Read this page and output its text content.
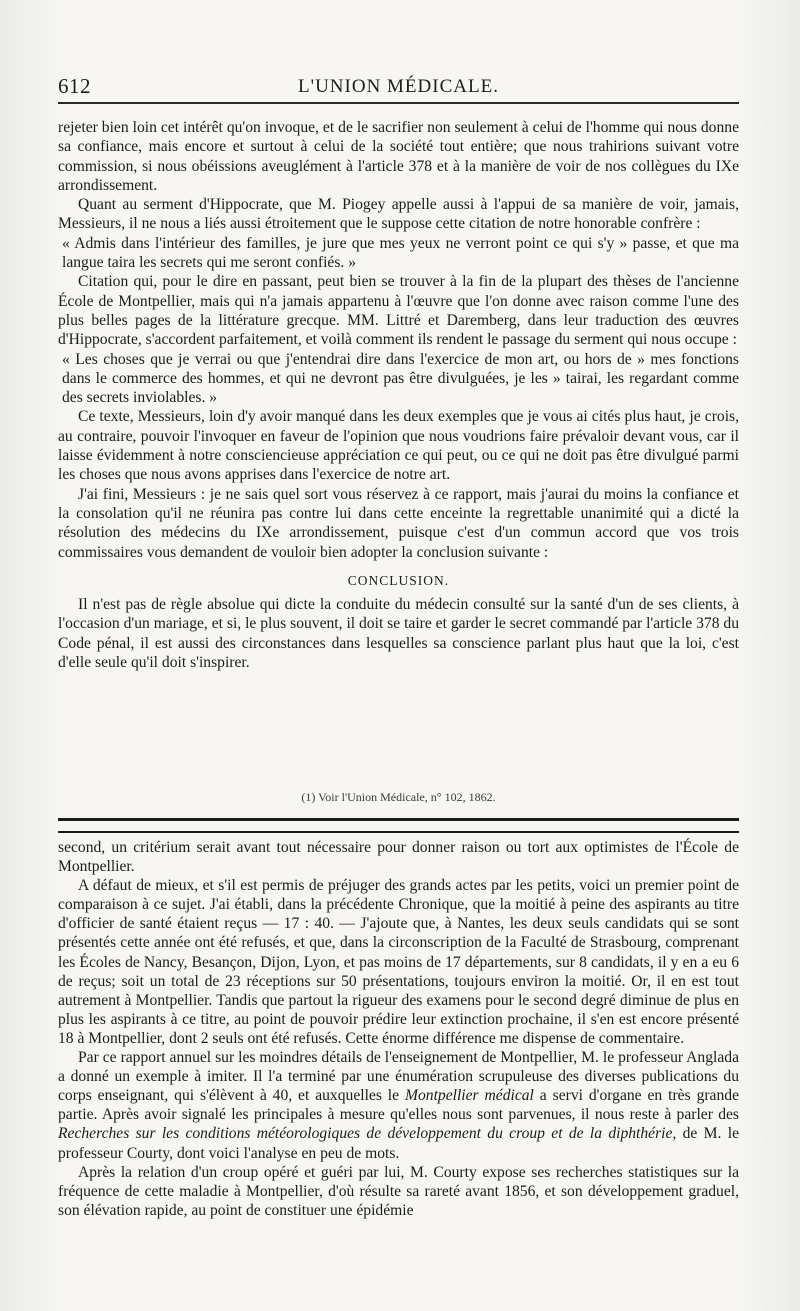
612	L'UNION MÉDICALE.

rejeter bien loin cet intérêt qu'on invoque, et de le sacrifier non seulement à celui de l'homme qui nous donne sa confiance, mais encore et surtout à celui de la société tout entière; que nous trahirions suivant votre commission, si nous obéissions aveuglément à l'article 378 et à la manière de voir de nos collègues du IXe arrondissement.

Quant au serment d'Hippocrate, que M. Piogey appelle aussi à l'appui de sa manière de voir, jamais, Messieurs, il ne nous a liés aussi étroitement que le suppose cette citation de notre honorable confrère :

« Admis dans l'intérieur des familles, je jure que mes yeux ne verront point ce qui s'y » passe, et que ma langue taira les secrets qui me seront confiés. »

Citation qui, pour le dire en passant, peut bien se trouver à la fin de la plupart des thèses de l'ancienne École de Montpellier, mais qui n'a jamais appartenu à l'œuvre que l'on donne avec raison comme l'une des plus belles pages de la littérature grecque. MM. Littré et Daremberg, dans leur traduction des œuvres d'Hippocrate, s'accordent parfaitement, et voilà comment ils rendent le passage du serment qui nous occupe :

« Les choses que je verrai ou que j'entendrai dire dans l'exercice de mon art, ou hors de » mes fonctions dans le commerce des hommes, et qui ne devront pas être divulguées, je les » tairai, les regardant comme des secrets inviolables. »

Ce texte, Messieurs, loin d'y avoir manqué dans les deux exemples que je vous ai cités plus haut, je crois, au contraire, pouvoir l'invoquer en faveur de l'opinion que nous voudrions faire prévaloir devant vous, car il laisse évidemment à notre consciencieuse appréciation ce qui peut, ou ce qui ne doit pas être divulgué parmi les choses que nous avons apprises dans l'exercice de notre art.

J'ai fini, Messieurs : je ne sais quel sort vous réservez à ce rapport, mais j'aurai du moins la confiance et la consolation qu'il ne réunira pas contre lui dans cette enceinte la regrettable unanimité qui a dicté la résolution des médecins du IXe arrondissement, puisque c'est d'un commun accord que vos trois commissaires vous demandent de vouloir bien adopter la conclusion suivante :

CONCLUSION.

Il n'est pas de règle absolue qui dicte la conduite du médecin consulté sur la santé d'un de ses clients, à l'occasion d'un mariage, et si, le plus souvent, il doit se taire et garder le secret commandé par l'article 378 du Code pénal, il est aussi des circonstances dans lesquelles sa conscience parlant plus haut que la loi, c'est d'elle seule qu'il doit s'inspirer.

(1) Voir l'Union Médicale, n° 102, 1862.

second, un critérium serait avant tout nécessaire pour donner raison ou tort aux optimistes de l'École de Montpellier.

A défaut de mieux, et s'il est permis de préjuger des grands actes par les petits, voici un premier point de comparaison à ce sujet. J'ai établi, dans la précédente Chronique, que la moitié à peine des aspirants au titre d'officier de santé étaient reçus — 17 : 40. — J'ajoute que, à Nantes, les deux seuls candidats qui se sont présentés cette année ont été refusés, et que, dans la circonscription de la Faculté de Strasbourg, comprenant les Écoles de Nancy, Besançon, Dijon, Lyon, et pas moins de 17 départements, sur 8 candidats, il y en a eu 6 de reçus; soit un total de 23 réceptions sur 50 présentations, toujours environ la moitié. Or, il en est tout autrement à Montpellier. Tandis que partout la rigueur des examens pour le second degré diminue de plus en plus les aspirants à ce titre, au point de pouvoir prédire leur extinction prochaine, il s'en est encore présenté 18 à Montpellier, dont 2 seuls ont été refusés. Cette énorme différence me dispense de commentaire.

Par ce rapport annuel sur les moindres détails de l'enseignement de Montpellier, M. le professeur Anglada a donné un exemple à imiter. Il l'a terminé par une énumération scrupuleuse des diverses publications du corps enseignant, qui s'élèvent à 40, et auxquelles le Montpellier médical a servi d'organe en très grande partie. Après avoir signalé les principales à mesure qu'elles nous sont parvenues, il nous reste à parler des Recherches sur les conditions météorologiques de développement du croup et de la diphthérie, de M. le professeur Courty, dont voici l'analyse en peu de mots.

Après la relation d'un croup opéré et guéri par lui, M. Courty expose ses recherches statistiques sur la fréquence de cette maladie à Montpellier, d'où résulte sa rareté avant 1856, et son développement graduel, son élévation rapide, au point de constituer une épidémie
